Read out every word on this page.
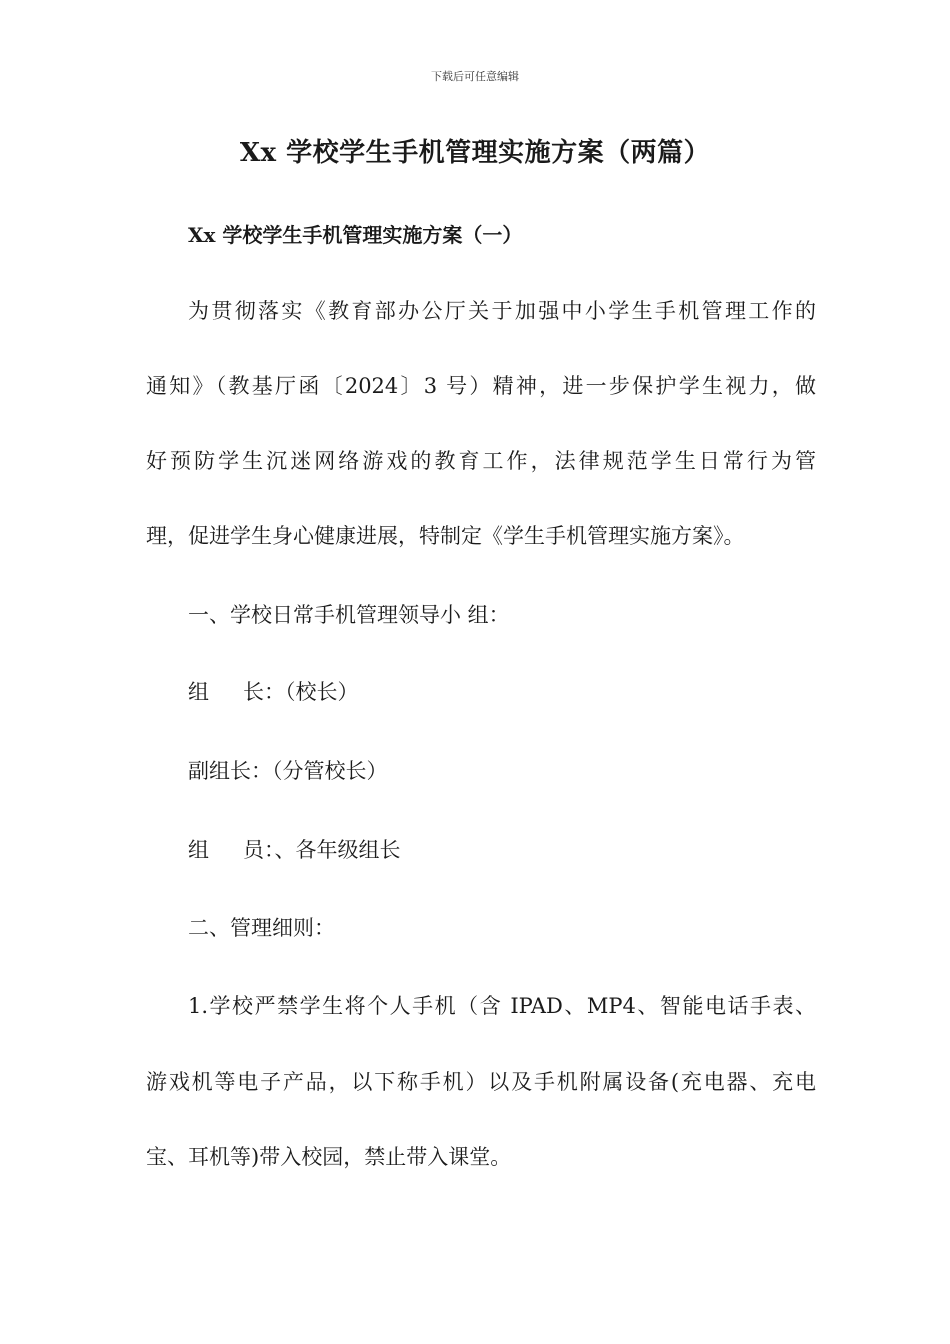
下载后可任意编辑
Xx 学校学生手机管理实施方案（两篇）
Xx 学校学生手机管理实施方案（一）
为贯彻落实《教育部办公厅关于加强中小学生手机管理工作的
通知》（教基厅函〔2024〕3 号）精神，进一步保护学生视力，做
好预防学生沉迷网络游戏的教育工作，法律规范学生日常行为管
理，促进学生身心健康进展，特制定《学生手机管理实施方案》。
一、学校日常手机管理领导小 组：
组 长：（校长）
副组长：（分管校长）
组 员：、各年级组长
二、管理细则：
1.学校严禁学生将个人手机（含 IPAD、MP4、智能电话手表、
游戏机等电子产品，以下称手机）以及手机附属设备(充电器、充电
宝、耳机等)带入校园，禁止带入课堂。
